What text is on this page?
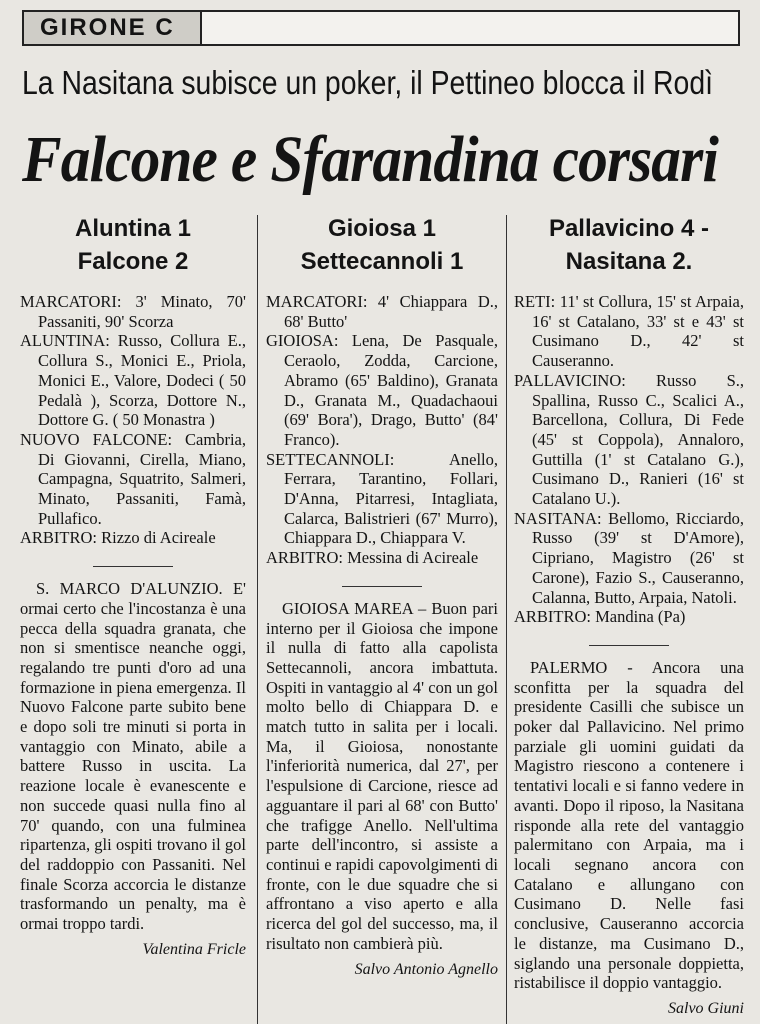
GIRONE C
La Nasitana subisce un poker, il Pettineo blocca il Rodì
Falcone e Sfarandina corsari
Aluntina 1
Falcone 2

MARCATORI: 3' Minato, 70' Passaniti, 90' Scorza

ALUNTINA: Russo, Collura E., Collura S., Monici E., Priola, Monici E., Valore, Dodeci ( 50 Pedalà ), Scorza, Dottore N., Dottore G. ( 50 Monastra )

NUOVO FALCONE: Cambria, Di Giovanni, Cirella, Miano, Campagna, Squatrito, Salmeri, Minato, Passaniti, Famà, Pullafico.

ARBITRO: Rizzo di Acireale

S. MARCO D'ALUNZIO. E' ormai certo che l'incostanza è una pecca della squadra granata, che non si smentisce neanche oggi, regalando tre punti d'oro ad una formazione in piena emergenza. Il Nuovo Falcone parte subito bene e dopo soli tre minuti si porta in vantaggio con Minato, abile a battere Russo in uscita. La reazione locale è evanescente e non succede quasi nulla fino al 70' quando, con una fulminea ripartenza, gli ospiti trovano il gol del raddoppio con Passaniti. Nel finale Scorza accorcia le distanze trasformando un penalty, ma è ormai troppo tardi.

Valentina Fricle
Gioiosa 1
Settecannoli 1

MARCATORI: 4' Chiappara D., 68' Butto'

GIOIOSA: Lena, De Pasquale, Ceraolo, Zodda, Carcione, Abramo (65' Baldino), Granata D., Granata M., Quadachaoui (69' Bora'), Drago, Butto' (84' Franco).

SETTECANNOLI: Anello, Ferrara, Tarantino, Follari, D'Anna, Pitarresi, Intagliata, Calarca, Balistrieri (67' Murro), Chiappara D., Chiappara V.

ARBITRO: Messina di Acireale

GIOIOSA MAREA – Buon pari interno per il Gioiosa che impone il nulla di fatto alla capolista Settecannoli, ancora imbattuta. Ospiti in vantaggio al 4' con un gol molto bello di Chiappara D. e match tutto in salita per i locali. Ma, il Gioiosa, nonostante l'inferiorità numerica, dal 27', per l'espulsione di Carcione, riesce ad agguantare il pari al 68' con Butto' che trafigge Anello. Nell'ultima parte dell'incontro, si assiste a continui e rapidi capovolgimenti di fronte, con le due squadre che si affrontano a viso aperto e alla ricerca del gol del successo, ma, il risultato non cambierà più.

Salvo Antonio Agnello
Pallavicino 4 -
Nasitana 2.

RETI: 11' st Collura, 15' st Arpaia, 16' st Catalano, 33' st e 43' st Cusimano D., 42' st Causeranno.

PALLAVICINO: Russo S., Spallina, Russo C., Scalici A., Barcellona, Collura, Di Fede (45' st Coppola), Annaloro, Guttilla (1' st Catalano G.), Cusimano D., Ranieri (16' st Catalano U.).

NASITANA: Bellomo, Ricciardo, Russo (39' st D'Amore), Cipriano, Magistro (26' st Carone), Fazio S., Causeranno, Calanna, Butto, Arpaia, Natoli.

ARBITRO: Mandina (Pa)

PALERMO - Ancora una sconfitta per la squadra del presidente Casilli che subisce un poker dal Pallavicino. Nel primo parziale gli uomini guidati da Magistro riescono a contenere i tentativi locali e si fanno vedere in avanti. Dopo il riposo, la Nasitana risponde alla rete del vantaggio palermitano con Arpaia, ma i locali segnano ancora con Catalano e allungano con Cusimano D. Nelle fasi conclusive, Causeranno accorcia le distanze, ma Cusimano D., siglando una personale doppietta, ristabilisce il doppio vantaggio.

Salvo Giuni
